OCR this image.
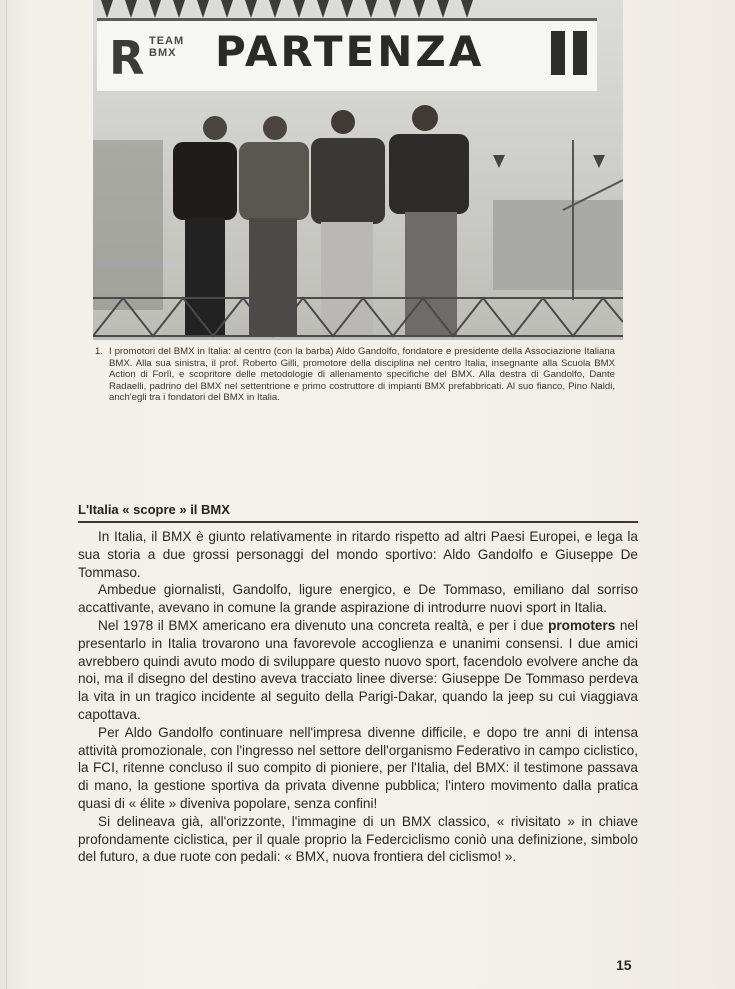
R TEAM
BMX PARTENZA
1. I promotori del BMX in Italia: al centro (con la barba) Aldo Gandolfo, fondatore e presidente della Associazione Italiana BMX. Alla sua sinistra, il prof. Roberto Gilli, promotore della disciplina nel centro Italia, insegnante alla Scuola BMX Action di Forlì, e scopritore delle metodologie di allenamento specifiche del BMX. Alla destra di Gandolfo, Dante Radaelli, padrino del BMX nel settentrione e primo costruttore di impianti BMX prefabbricati. Al suo fianco, Pino Naldi, anch'egli tra i fondatori del BMX in Italia.
L'Italia « scopre » il BMX

In Italia, il BMX è giunto relativamente in ritardo rispetto ad altri Paesi Europei, e lega la sua storia a due grossi personaggi del mondo sportivo: Aldo Gandolfo e Giuseppe De Tommaso.

Ambedue giornalisti, Gandolfo, ligure energico, e De Tommaso, emiliano dal sorriso accattivante, avevano in comune la grande aspirazione di introdurre nuovi sport in Italia.

Nel 1978 il BMX americano era divenuto una concreta realtà, e per i due promoters nel presentarlo in Italia trovarono una favorevole accoglienza e unanimi consensi. I due amici avrebbero quindi avuto modo di sviluppare questo nuovo sport, facendolo evolvere anche da noi, ma il disegno del destino aveva tracciato linee diverse: Giuseppe De Tommaso perdeva la vita in un tragico incidente al seguito della Parigi-Dakar, quando la jeep su cui viaggiava capottava.

Per Aldo Gandolfo continuare nell'impresa divenne difficile, e dopo tre anni di intensa attività promozionale, con l'ingresso nel settore dell'organismo Federativo in campo ciclistico, la FCI, ritenne concluso il suo compito di pioniere, per l'Italia, del BMX: il testimone passava di mano, la gestione sportiva da privata divenne pubblica; l'intero movimento dalla pratica quasi di « élite » diveniva popolare, senza confini!

Si delineava già, all'orizzonte, l'immagine di un BMX classico, « rivisitato » in chiave profondamente ciclistica, per il quale proprio la Federciclismo coniò una definizione, simbolo del futuro, a due ruote con pedali: « BMX, nuova frontiera del ciclismo! ».

15
